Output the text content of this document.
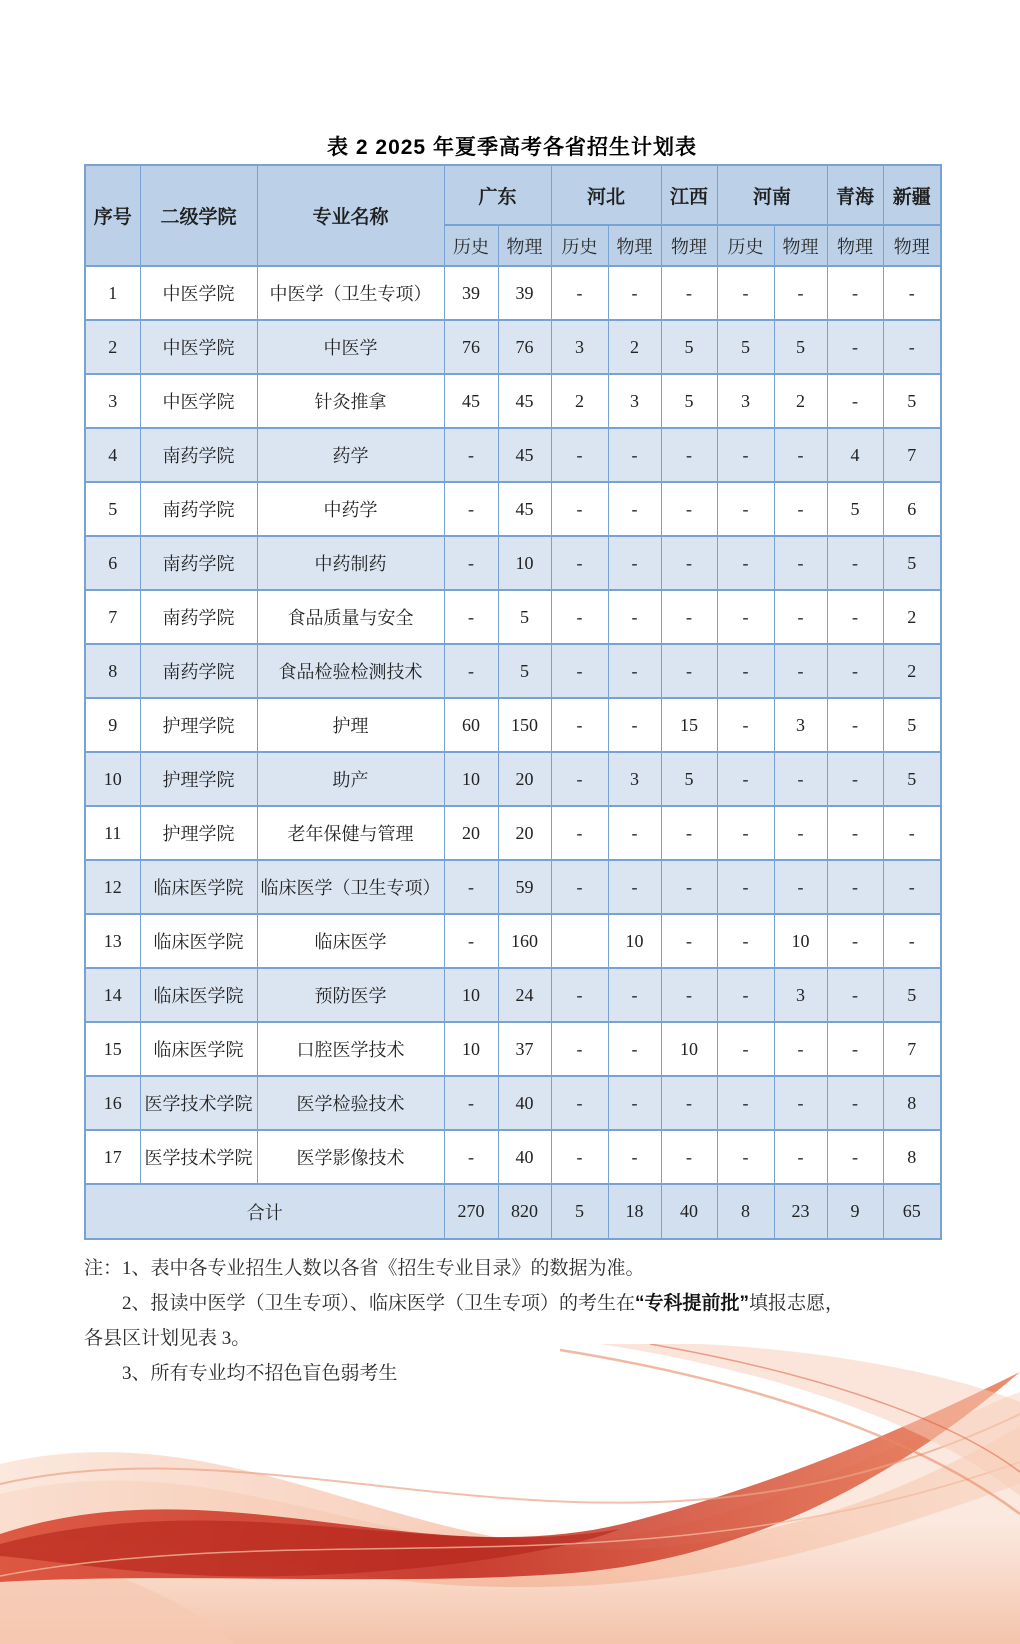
表 2 2025 年夏季高考各省招生计划表
序号	二级学院	专业名称	广东		河北		江西	河南		青海	新疆
			历史	物理	历史	物理	物理	历史	物理	物理	物理
1	中医学院	中医学（卫生专项）	39	39	-	-	-	-	-	-	-
2	中医学院	中医学	76	76	3	2	5	5	5	-	-
3	中医学院	针灸推拿	45	45	2	3	5	3	2	-	5
4	南药学院	药学	-	45	-	-	-	-	-	4	7
5	南药学院	中药学	-	45	-	-	-	-	-	5	6
6	南药学院	中药制药	-	10	-	-	-	-	-	-	5
7	南药学院	食品质量与安全	-	5	-	-	-	-	-	-	2
8	南药学院	食品检验检测技术	-	5	-	-	-	-	-	-	2
9	护理学院	护理	60	150	-	-	15	-	3	-	5
10	护理学院	助产	10	20	-	3	5	-	-	-	5
11	护理学院	老年保健与管理	20	20	-	-	-	-	-	-	-
12	临床医学院	临床医学（卫生专项）	-	59	-	-	-	-	-	-	-
13	临床医学院	临床医学	-	160		10	-	-	10	-	-
14	临床医学院	预防医学	10	24	-	-	-	-	3	-	5
15	临床医学院	口腔医学技术	10	37	-	-	10	-	-	-	7
16	医学技术学院	医学检验技术	-	40	-	-	-	-	-	-	8
17	医学技术学院	医学影像技术	-	40	-	-	-	-	-	-	8
合计			270	820	5	18	40	8	23	9	65
注：1、表中各专业招生人数以各省《招生专业目录》的数据为准。
2、报读中医学（卫生专项）、临床医学（卫生专项）的考生在“专科提前批”填报志愿，
各县区计划见表 3。
3、所有专业均不招色盲色弱考生
